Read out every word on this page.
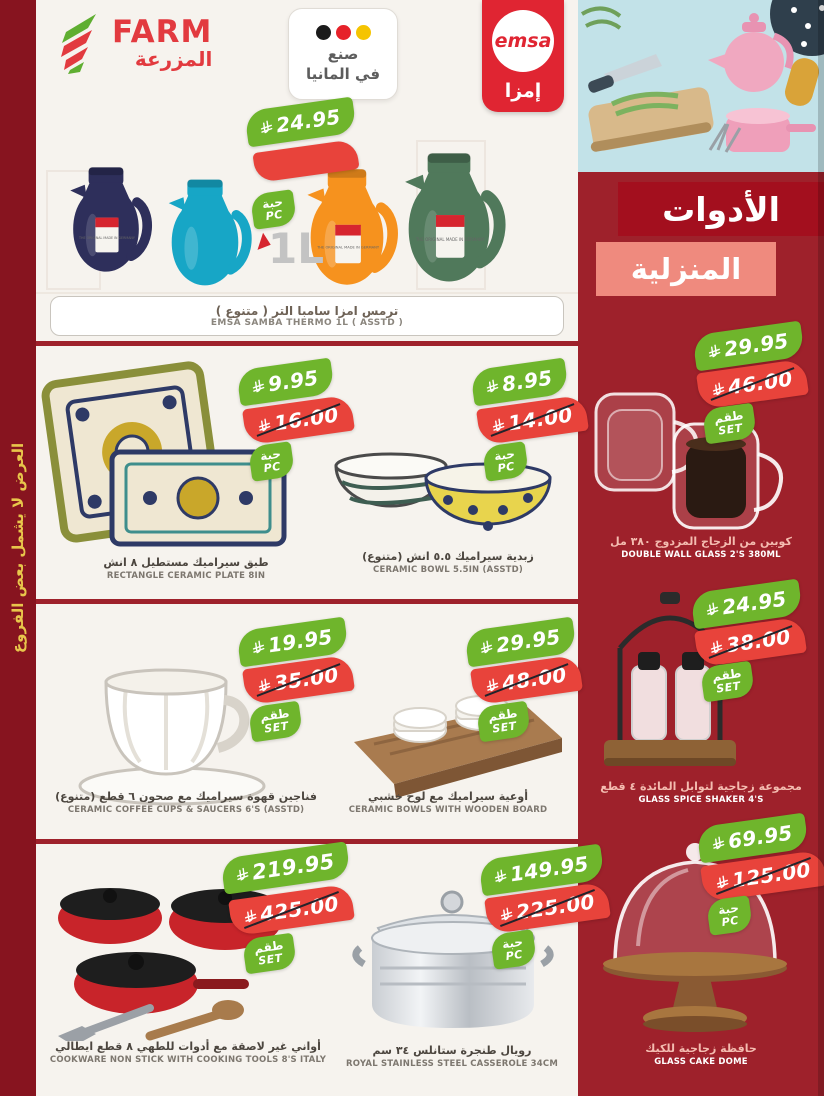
العرض لا يشمل بعض الفروع
FARM
المزرعة	صنع
في المانيا
emsa
إمزا
24.95
حبة
PC
THE ORIGINAL MADE IN GERMANY
THE ORIGINAL MADE IN GERMANY
THE ORIGINAL MADE IN GERMANY
1L
ترمس امزا سامبا التر ( متنوع )
EMSA SAMBA THERMO 1L ( ASSTD )
9.95
16.00
حبة
PC
طبق سيراميك مستطيل ٨ انش
RECTANGLE CERAMIC PLATE 8IN
8.95
14.00
حبة
PC
زبدية سيراميك ٥.٥ انش (متنوع)
CERAMIC BOWL 5.5IN (ASSTD)
19.95
35.00
طقم
SET
فناجين قهوة سيراميك مع صحون ٦ قطع (متنوع)
CERAMIC COFFEE CUPS & SAUCERS 6'S (ASSTD)
29.95
48.00
طقم
SET
أوعية سيراميك مع لوح خشبي
CERAMIC BOWLS WITH WOODEN BOARD
219.95
425.00
طقم
SET
أواني غير لاصقة مع أدوات للطهي ٨ قطع ايطالي
COOKWARE NON STICK WITH COOKING TOOLS 8'S ITALY
149.95
225.00
حبة
PC
رويال طنجرة ستانلس ٣٤ سم
ROYAL STAINLESS STEEL CASSEROLE 34CM
الأدوات
المنزلية
29.95
46.00
طقم
SET
كوبين من الزجاج المزدوج ٣٨٠ مل
DOUBLE WALL GLASS 2'S 380ML
24.95
38.00
طقم
SET
مجموعة زجاجية لتوابل المائدة ٤ قطع
GLASS SPICE SHAKER 4'S
69.95
125.00
حبة
PC
حافظة زجاجية للكيك
GLASS CAKE DOME
